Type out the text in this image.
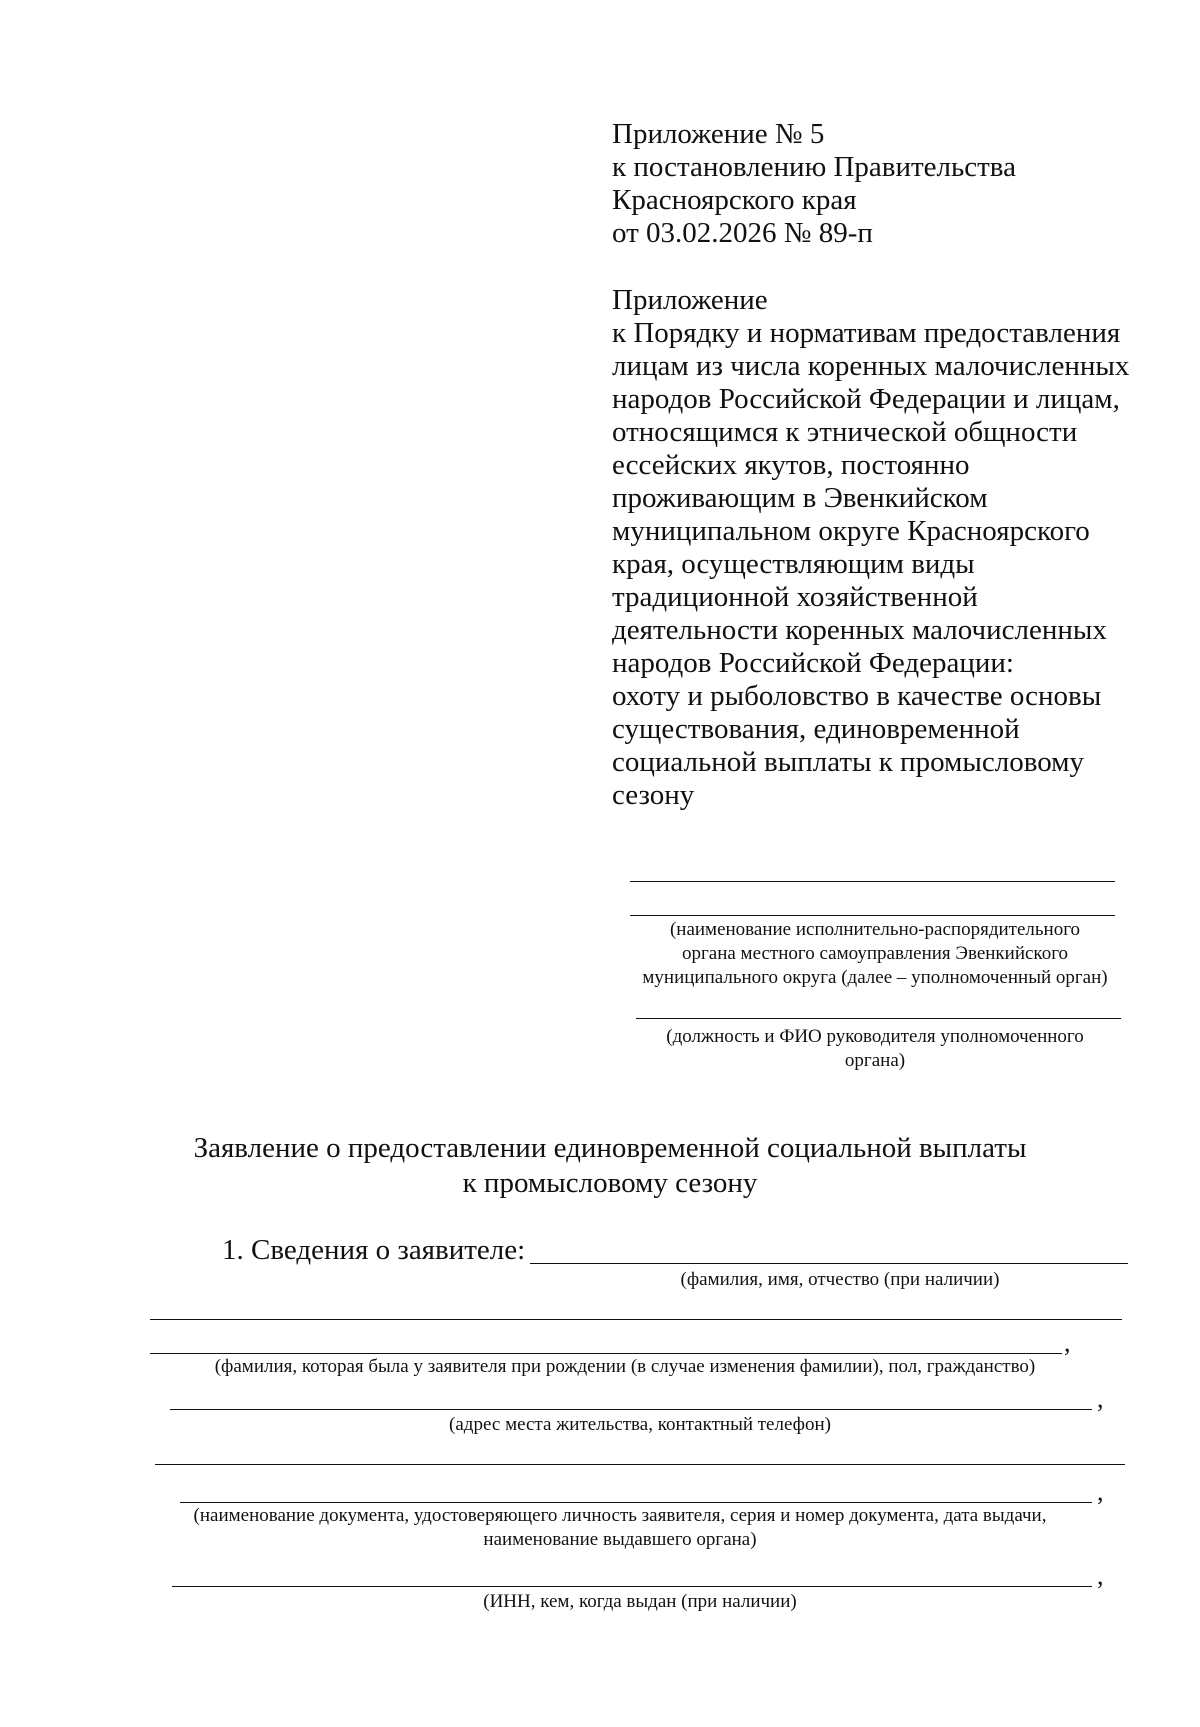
Приложение № 5
к постановлению Правительства
Красноярского края
от 03.02.2026 № 89-п
Приложение
к Порядку и нормативам предоставления
лицам из числа коренных малочисленных
народов Российской Федерации и лицам,
относящимся к этнической общности
ессейских якутов, постоянно
проживающим в Эвенкийском
муниципальном округе Красноярского
края, осуществляющим виды
традиционной хозяйственной
деятельности коренных малочисленных
народов Российской Федерации:
охоту и рыболовство в качестве основы
существования, единовременной
социальной выплаты к промысловому
сезону
(наименование исполнительно-распорядительного
органа местного самоуправления Эвенкийского
муниципального округа (далее – уполномоченный орган)
(должность и ФИО руководителя уполномоченного
органа)
Заявление о предоставлении единовременной социальной выплаты
к промысловому сезону
1. Сведения о заявителе:
(фамилия, имя, отчество (при наличии)
,
(фамилия, которая была у заявителя при рождении (в случае изменения фамилии), пол, гражданство)
,
(адрес места жительства, контактный телефон)
,
(наименование документа, удостоверяющего личность заявителя, серия и номер документа, дата выдачи,
наименование выдавшего органа)
,
(ИНН, кем, когда выдан (при наличии)
